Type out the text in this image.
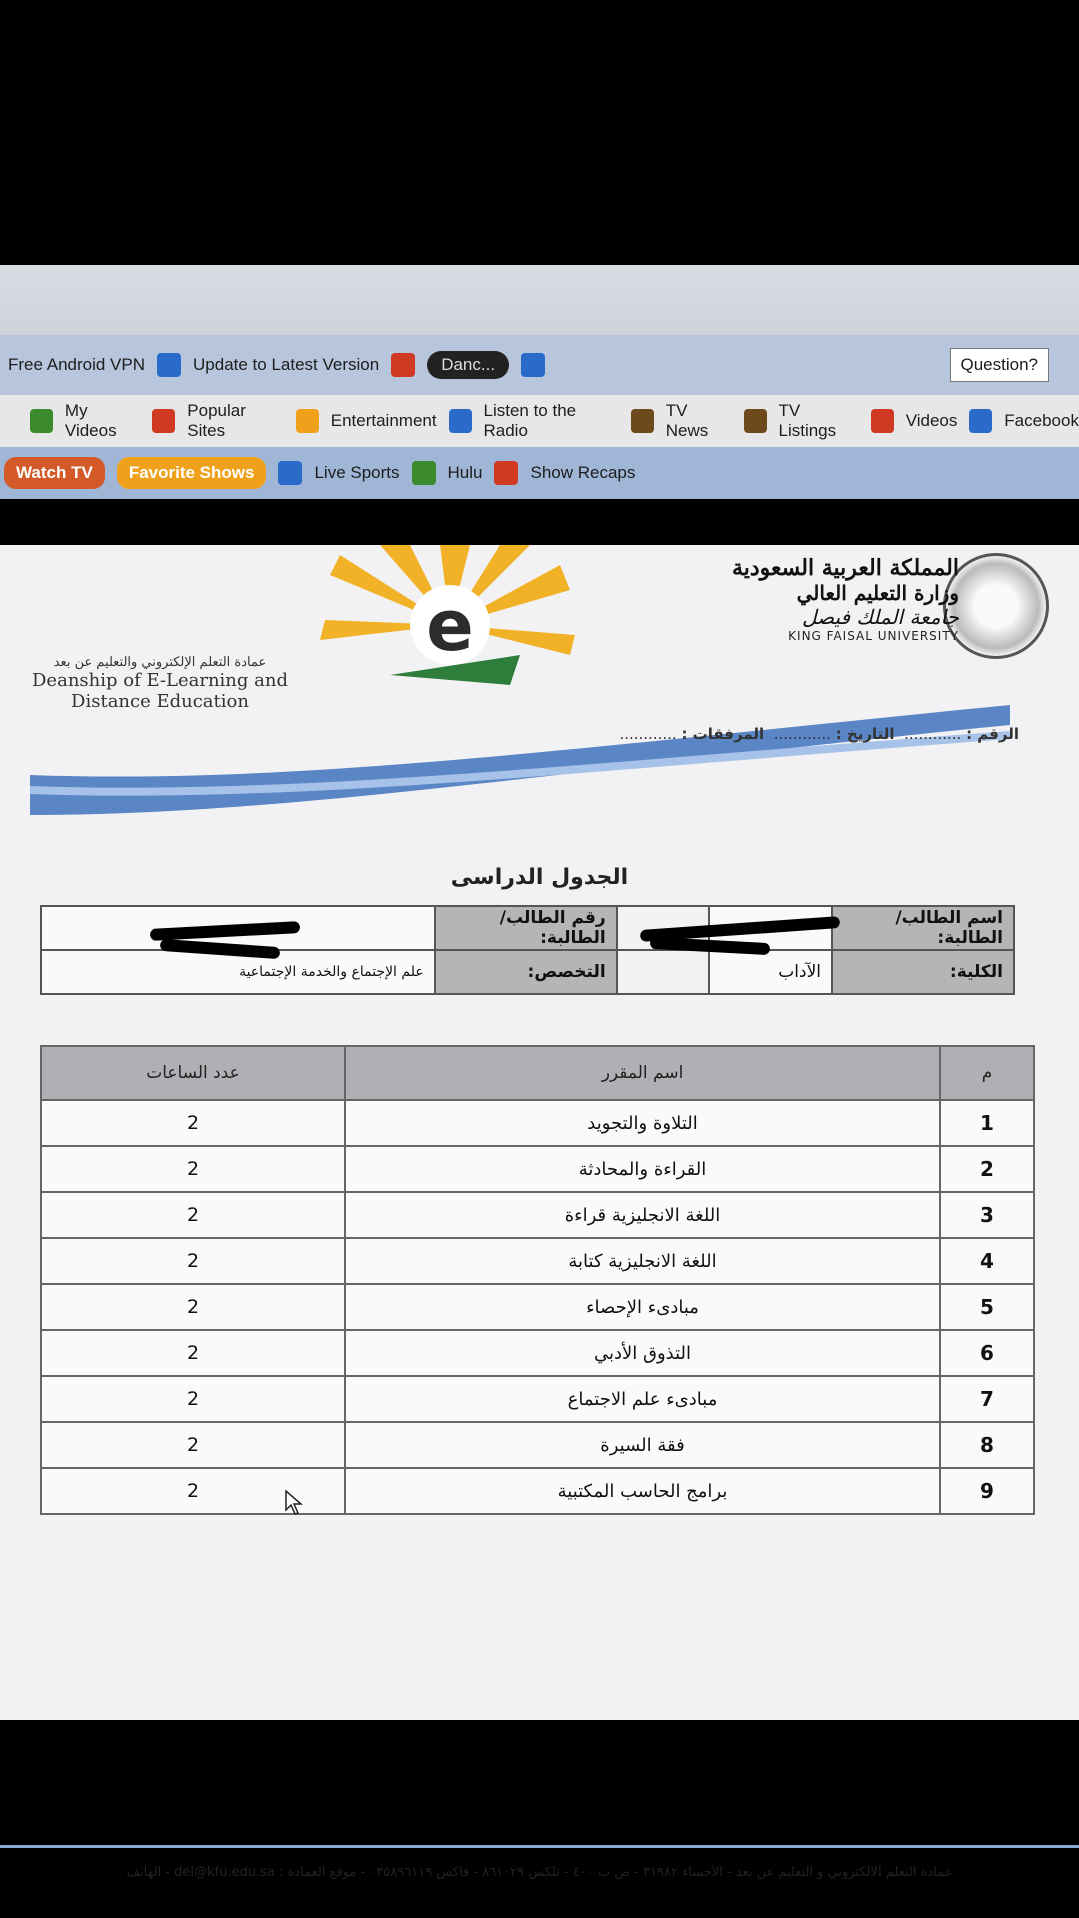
Free Android VPN	Update to Latest Version	Danc...	Question?
My Videos
Popular Sites
Entertainment
Listen to the Radio
TV News
TV Listings
Videos	Facebook
Watch TV	Favorite Shows	Live Sports	Hulu	Show Recaps
المملكة العربية السعودية
وزارة التعليم العالي
جامعة الملك فيصل
KING FAISAL UNIVERSITY
e
عمادة التعلم الإلكتروني والتعليم عن بعد
Deanship of E-Learning and
Distance Education
الرقم : ............  التاريخ : ............  المرفقات : ............
الجدول الدراسى
اسم الطالب/الطالبة:			رقم الطالب/الطالبة:	
الكلية:	الآداب		التخصص:	علم الإجتماع والخدمة الإجتماعية
م	اسم المقرر	عدد الساعات
1	التلاوة والتجويد	2
2	القراءة والمحادثة	2
3	اللغة الانجليزية قراءة	2
4	اللغة الانجليزية كتابة	2
5	مبادىء الإحصاء	2
6	التذوق الأدبي	2
7	مبادىء علم الاجتماع	2
8	فقة السيرة	2
9	برامج الحاسب المكتبية	2
عمادة التعلم الالكتروني و التعليم عن بعد - الأحساء ٣١٩٨٢ - ص ب ٤٠٠ - تلكس ٨٦١٠٢٩ - فاكس ٠٣٥٨٩٦١١٩ - موقع العمادة : del@kfu.edu.sa - الهاتف
